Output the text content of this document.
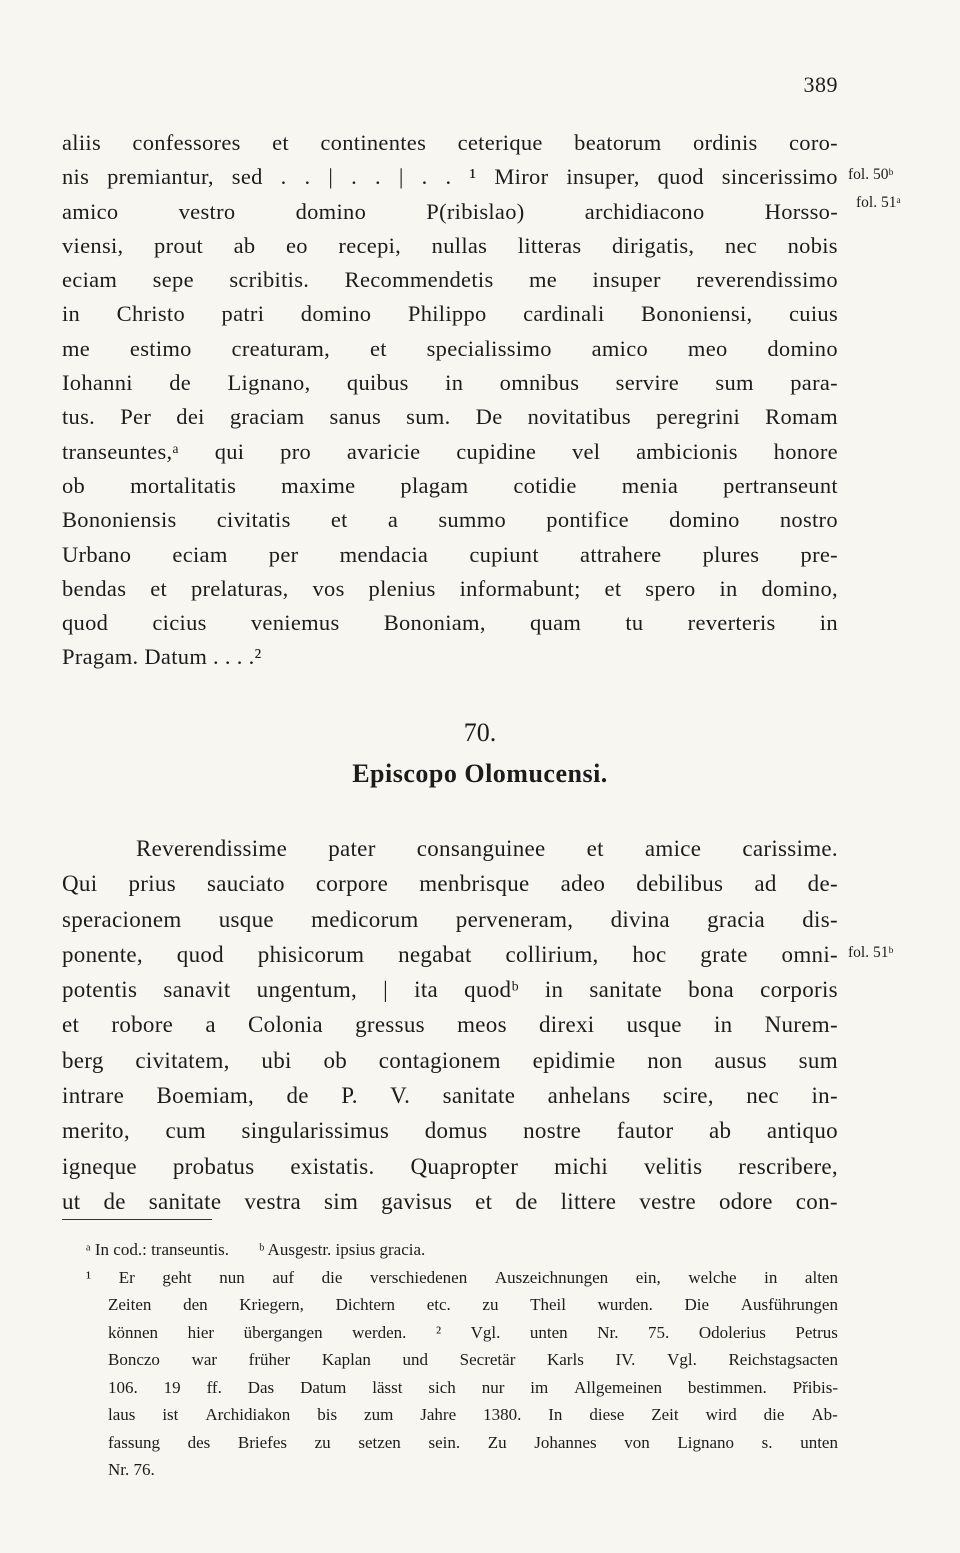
389
fol. 50ᵇ
fol. 51ᵃ
fol. 51ᵇ
aliis confessores et continentes ceterique beatorum ordinis coro-
nis premiantur, sed . . | . . | . . ¹ Miror insuper, quod sincerissimo
amico	vestro	domino	P(ribislao)	archidiacono	Horsso-
viensi, prout ab eo recepi, nullas litteras dirigatis, nec nobis
eciam sepe scribitis. Recommendetis me insuper reverendissimo
in Christo patri domino Philippo cardinali Bononiensi, cuius
me estimo creaturam, et specialissimo amico meo domino
Iohanni de Lignano, quibus in omnibus servire sum para-
tus. Per dei graciam sanus sum. De novitatibus peregrini Romam
transeuntes,ᵃ qui pro avaricie cupidine vel ambicionis honore
ob mortalitatis maxime plagam cotidie menia pertranseunt
Bononiensis civitatis et a summo pontifice domino nostro
Urbano eciam per mendacia cupiunt attrahere plures pre-
bendas et prelaturas, vos plenius informabunt; et spero in domino,
quod cicius veniemus Bononiam, quam tu reverteris in
Pragam. Datum . . . .²
70.
Episcopo Olomucensi.
Reverendissime pater consanguinee et amice carissime.
Qui prius sauciato corpore menbrisque adeo debilibus ad de-
speracionem usque medicorum perveneram, divina gracia dis-
ponente, quod phisicorum negabat collirium, hoc grate omni-
potentis sanavit ungentum, | ita quodᵇ in sanitate bona corporis
et robore a Colonia gressus meos direxi usque in Nurem-
berg civitatem, ubi ob contagionem epidimie non ausus sum
intrare Boemiam, de P. V. sanitate anhelans scire, nec in-
merito, cum singularissimus domus nostre fautor ab antiquo
igneque probatus existatis. Quapropter michi velitis rescribere,
ut de sanitate vestra sim gavisus et de littere vestre odore con-
ᵃ In cod.: transeuntis. ᵇ Ausgestr. ipsius gracia.
¹ Er geht nun auf die verschiedenen Auszeichnungen ein, welche in alten
Zeiten den Kriegern, Dichtern etc. zu Theil wurden. Die Ausführungen
können hier übergangen werden. ² Vgl. unten Nr. 75. Odolerius Petrus
Bonczo war früher Kaplan und Secretär Karls IV. Vgl. Reichstagsacten
106. 19 ff. Das Datum lässt sich nur im Allgemeinen bestimmen. Přibis-
laus ist Archidiakon bis zum Jahre 1380. In diese Zeit wird die Ab-
fassung des Briefes zu setzen sein. Zu Johannes von Lignano s. unten
Nr. 76.
